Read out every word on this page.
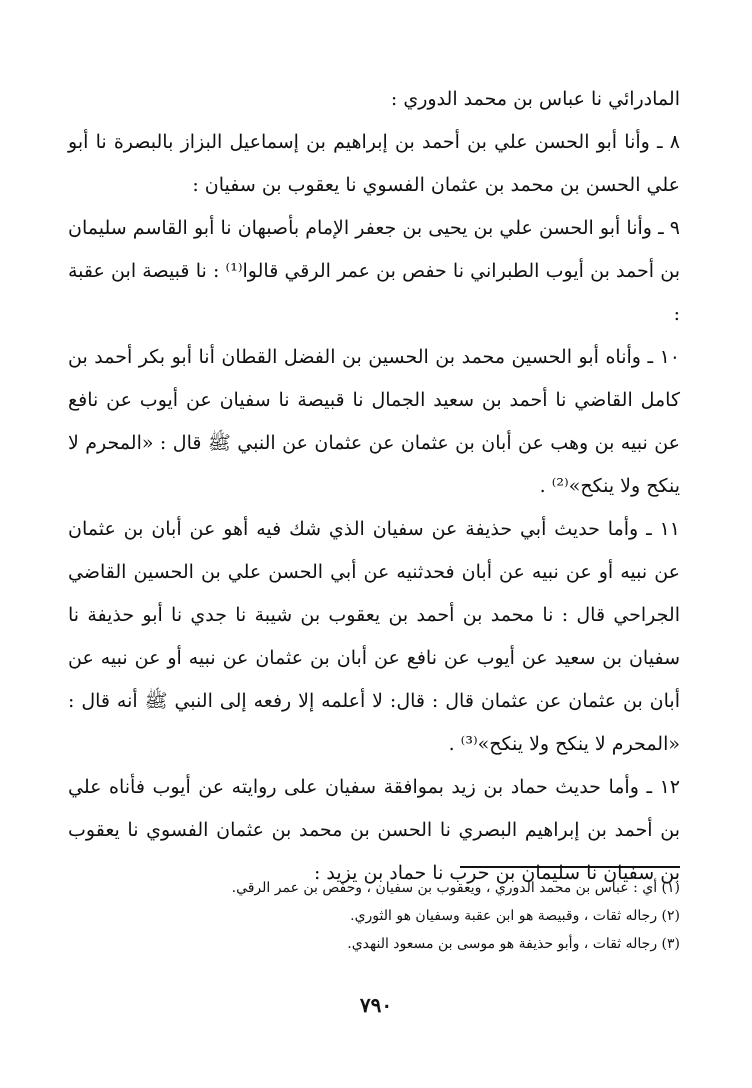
المادرائي نا عباس بن محمد الدوري :

٨ ـ وأنا أبو الحسن علي بن أحمد بن إبراهيم بن إسماعيل البزاز بالبصرة نا أبو علي الحسن بن محمد بن عثمان الفسوي نا يعقوب بن سفيان :

٩ ـ وأنا أبو الحسن علي بن يحيى بن جعفر الإمام بأصبهان نا أبو القاسم سليمان بن أحمد بن أيوب الطبراني نا حفص بن عمر الرقي قالوا⁽¹⁾ : نا قبيصة ابن عقبة :

١٠ ـ وأناه أبو الحسين محمد بن الحسين بن الفضل القطان أنا أبو بكر أحمد بن كامل القاضي نا أحمد بن سعيد الجمال نا قبيصة نا سفيان عن أيوب عن نافع عن نبيه بن وهب عن أبان بن عثمان عن عثمان عن النبي ﷺ قال : «المحرم لا ينكح ولا ينكح»⁽²⁾ .

١١ ـ وأما حديث أبي حذيفة عن سفيان الذي شك فيه أهو عن أبان بن عثمان عن نبيه أو عن نبيه عن أبان فحدثنيه عن أبي الحسن علي بن الحسين القاضي الجراحي قال : نا محمد بن أحمد بن يعقوب بن شيبة نا جدي نا أبو حذيفة نا سفيان بن سعيد عن أيوب عن نافع عن أبان بن عثمان عن نبيه أو عن نبيه عن أبان بن عثمان عن عثمان قال : قال: لا أعلمه إلا رفعه إلى النبي ﷺ أنه قال : «المحرم لا ينكح ولا ينكح»⁽³⁾ .

١٢ ـ وأما حديث حماد بن زيد بموافقة سفيان على روايته عن أيوب فأناه علي بن أحمد بن إبراهيم البصري نا الحسن بن محمد بن عثمان الفسوي نا يعقوب بن سفيان نا سليمان بن حرب نا حماد بن يزيد :

(١) أي : عباس بن محمد الدوري ، ويعقوب بن سفيان ، وحفص بن عمر الرقي.

(٢) رجاله ثقات ، وقبيصة هو ابن عقبة وسفيان هو الثوري.

(٣) رجاله ثقات ، وأبو حذيفة هو موسى بن مسعود النهدي.

٧٩٠
